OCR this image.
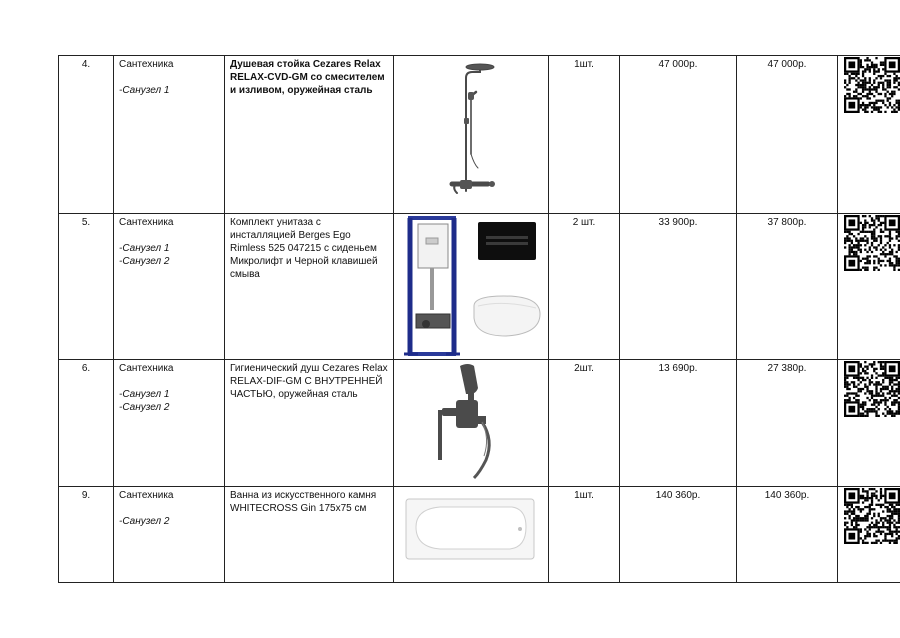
4.	Сантехника
-Санузел 1	Душевая стойка Cezares Relax RELAX-CVD-GM со смесителем и изливом, оружейная сталь		1шт.	47 000р.	47 000р.	

5.	Сантехника
-Санузел 1
-Санузел 2	Комплект унитаза с инсталляцией Berges Ego Rimless 525 047215 с сиденьем Микролифт и Черной клавишей смыва		2 шт.	33 900р.	37 800р.	

6.	Сантехника
-Санузел 1
-Санузел 2	Гигиенический душ Cezares Relax RELAX-DIF-GM С ВНУТРЕННЕЙ ЧАСТЬЮ, оружейная сталь		2шт.	13 690р.	27 380р.	

9.	Сантехника
-Санузел 2	Ванна из искусственного камня WHITECROSS Gin 175x75 см		1шт.	140 360р.	140 360р.	
